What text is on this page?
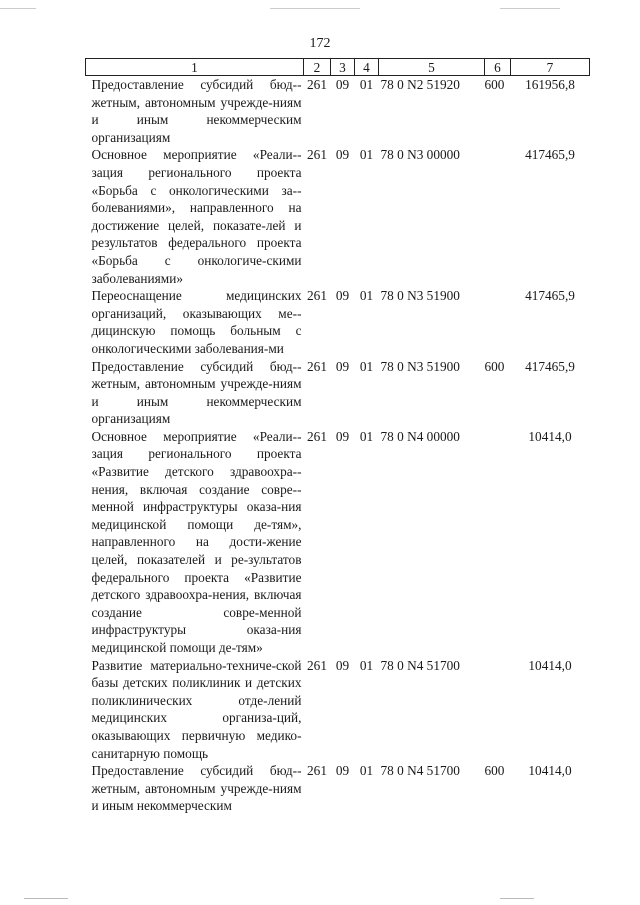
172
1	2	3	4	5	6	7
Предоставление субсидий бюд-жетным, автономным учрежде-ниям и иным некоммерческим организациям	261	09	01	78 0 N2 51920	600	161956,8
Основное мероприятие «Реали-зация регионального проекта «Борьба с онкологическими за-болеваниями», направленного на достижение целей, показате-лей и результатов федерального проекта «Борьба с онкологиче-скими заболеваниями»	261	09	01	78 0 N3 00000		417465,9
Переоснащение медицинских организаций, оказывающих ме-дицинскую помощь больным с онкологическими заболевания-ми	261	09	01	78 0 N3 51900		417465,9
Предоставление субсидий бюд-жетным, автономным учрежде-ниям и иным некоммерческим организациям	261	09	01	78 0 N3 51900	600	417465,9
Основное мероприятие «Реали-зация регионального проекта «Развитие детского здравоохра-нения, включая создание совре-менной инфраструктуры оказа-ния медицинской помощи де-тям», направленного на дости-жение целей, показателей и ре-зультатов федерального проекта «Развитие детского здравоохра-нения, включая создание совре-менной инфраструктуры оказа-ния медицинской помощи де-тям»	261	09	01	78 0 N4 00000		10414,0
Развитие материально-техниче-ской базы детских поликлиник и детских поликлинических отде-лений медицинских организа-ций, оказывающих первичную медико-санитарную помощь	261	09	01	78 0 N4 51700		10414,0
Предоставление субсидий бюд-жетным, автономным учрежде-ниям и иным некоммерческим	261	09	01	78 0 N4 51700	600	10414,0
